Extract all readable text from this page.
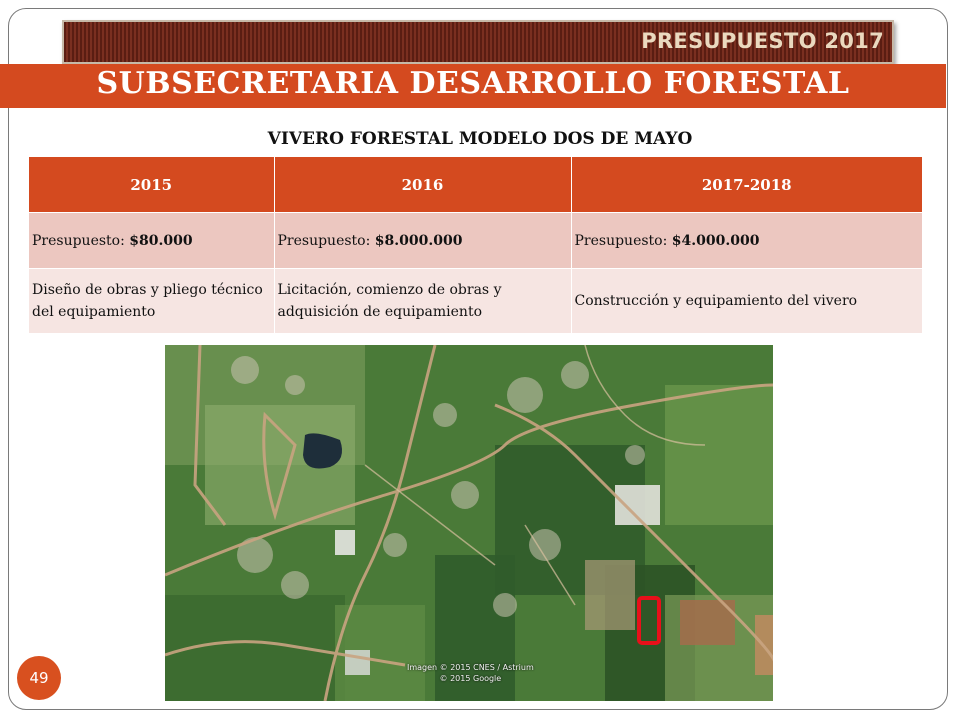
PRESUPUESTO 2017
SUBSECRETARIA DESARROLLO FORESTAL
VIVERO FORESTAL MODELO DOS DE MAYO
2015	2016	2017-2018
Presupuesto: $80.000	Presupuesto: $8.000.000	Presupuesto: $4.000.000
Diseño de obras y pliego técnico del equipamiento	Licitación, comienzo de obras y adquisición de equipamiento	Construcción y equipamiento del vivero
Imagen © 2015 CNES / Astrium
© 2015 Google
49
